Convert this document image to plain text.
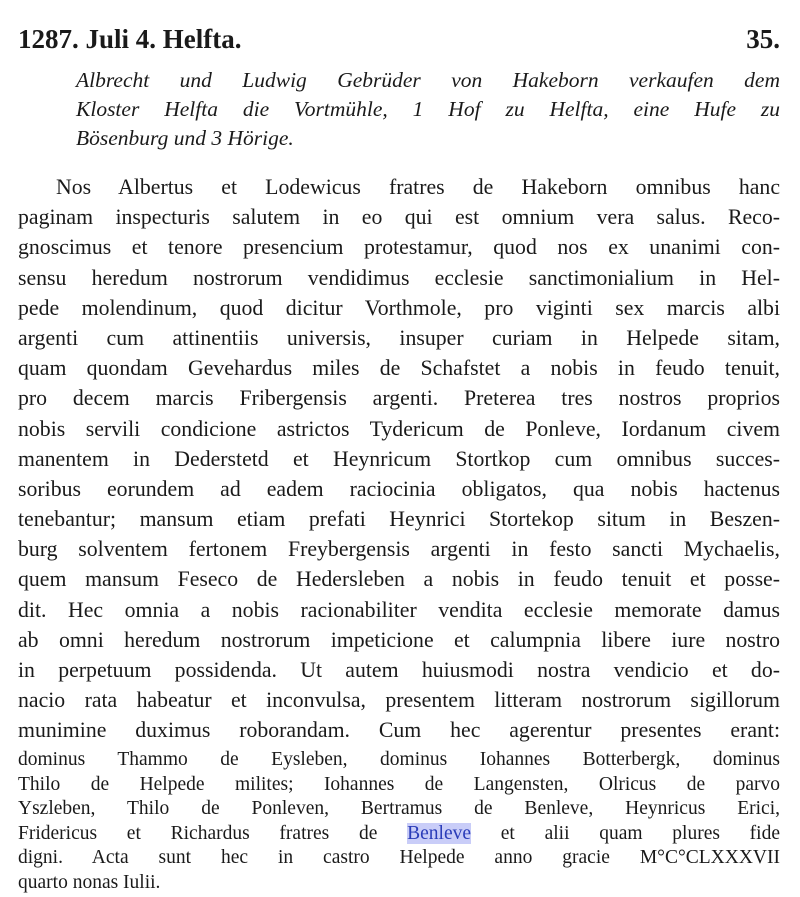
1287. Juli 4. Helfta.	35.
Albrecht und Ludwig Gebrüder von Hakeborn verkaufen dem
Kloster Helfta die Vortmühle, 1 Hof zu Helfta, eine Hufe zu
Bösenburg und 3 Hörige.
Nos Albertus et Lodewicus fratres de Hakeborn omnibus hanc
paginam inspecturis salutem in eo qui est omnium vera salus. Reco-
gnoscimus et tenore presencium protestamur, quod nos ex unanimi con-
sensu heredum nostrorum vendidimus ecclesie sanctimonialium in Hel-
pede molendinum, quod dicitur Vorthmole, pro viginti sex marcis albi
argenti cum attinentiis universis, insuper curiam in Helpede sitam,
quam quondam Gevehardus miles de Schafstet a nobis in feudo tenuit,
pro decem marcis Fribergensis argenti. Preterea tres nostros proprios
nobis servili condicione astrictos Tydericum de Ponleve, Iordanum civem
manentem in Dederstetd et Heynricum Stortkop cum omnibus succes-
soribus eorundem ad eadem raciocinia obligatos, qua nobis hactenus
tenebantur; mansum etiam prefati Heynrici Stortekop situm in Beszen-
burg solventem fertonem Freybergensis argenti in festo sancti Mychaelis,
quem mansum Feseco de Hedersleben a nobis in feudo tenuit et posse-
dit. Hec omnia a nobis racionabiliter vendita ecclesie memorate damus
ab omni heredum nostrorum impeticione et calumpnia libere iure nostro
in perpetuum possidenda. Ut autem huiusmodi nostra vendicio et do-
nacio rata habeatur et inconvulsa, presentem litteram nostrorum sigillorum
munimine duximus roborandam. Cum hec agerentur presentes erant:
dominus Thammo de Eysleben, dominus Iohannes Botterbergk, dominus
Thilo de Helpede milites; Iohannes de Langensten, Olricus de parvo
Yszleben, Thilo de Ponleven, Bertramus de Benleve, Heynricus Erici,
Fridericus et Richardus fratres de Benleve et alii quam plures fide
digni. Acta sunt hec in castro Helpede anno gracie M°C°CLXXXVII
quarto nonas Iulii.
